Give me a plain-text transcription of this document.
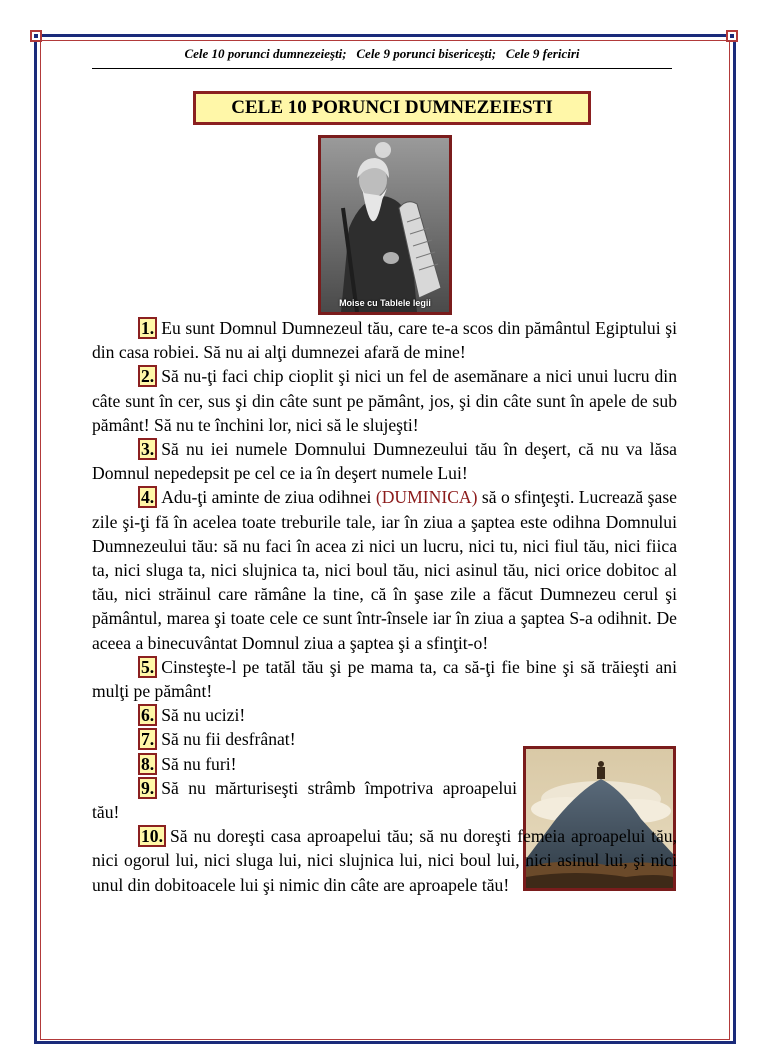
Cele 10 porunci dumnezeieşti;   Cele 9 porunci bisericeşti;   Cele 9 fericiri
CELE 10 PORUNCI DUMNEZEIESTI
Moise cu Tablele legii

1. Eu sunt Domnul Dumnezeul tău, care te-a scos din pământul Egiptului şi din casa robiei. Să nu ai alţi dumnezei afară de mine!

2. Să nu-ţi faci chip cioplit şi nici un fel de asemănare a nici unui lucru din câte sunt în cer, sus şi din câte sunt pe pământ, jos, şi din câte sunt în apele de sub pământ! Să nu te închini lor, nici să le slujeşti!

3. Să nu iei numele Domnului Dumnezeului tău în deşert, că nu va lăsa Domnul nepedepsit pe cel ce ia în deşert numele Lui!

4. Adu-ţi aminte de ziua odihnei (DUMINICA) să o sfinţeşti. Lucrează şase zile şi-ţi fă în acelea toate treburile tale, iar în ziua a şaptea este odihna Domnului Dumnezeului tău: să nu faci în acea zi nici un lucru, nici tu, nici fiul tău, nici fiica ta, nici sluga ta, nici slujnica ta, nici boul tău, nici asinul tău, nici orice dobitoc al tău, nici străinul care rămâne la tine, că în şase zile a făcut Dumnezeu cerul şi pământul, marea şi toate cele ce sunt într-însele iar în ziua a şaptea S-a odihnit. De aceea a binecuvântat Domnul ziua a şaptea şi a sfinţit-o!

5. Cinsteşte-l pe tatăl tău şi pe mama ta, ca să-ţi fie bine şi să trăieşti ani mulţi pe pământ!

6. Să nu ucizi!

7. Să nu fii desfrânat!

8. Să nu furi!

9. Să nu mărturiseşti strâmb împotriva aproapelui tău!

10. Să nu doreşti casa aproapelui tău; să nu doreşti femeia aproapelui tău, nici ogorul lui, nici sluga lui, nici slujnica lui, nici boul lui, nici asinul lui, şi nici unul din dobitoacele lui şi nimic din câte are aproapele tău!
